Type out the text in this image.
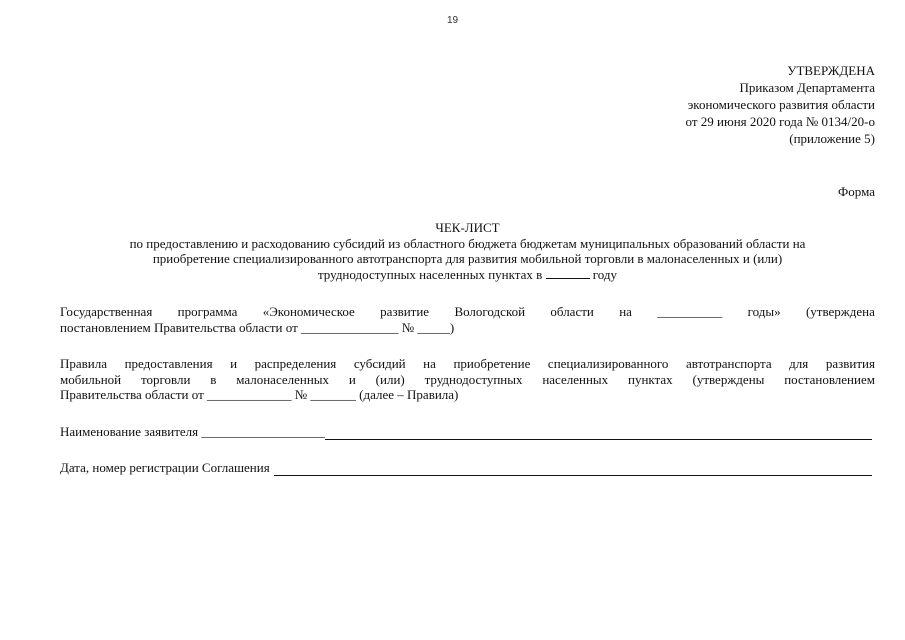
19
УТВЕРЖДЕНА
Приказом Департамента
экономического развития области
от 29 июня 2020 года № 0134/20-о
(приложение 5)
Форма
ЧЕК-ЛИСТ
по предоставлению и расходованию субсидий из областного бюджета бюджетам муниципальных образований области на
приобретение специализированного автотранспорта для развития мобильной торговли в малонаселенных и (или)
труднодоступных населенных пунктах в	году
Государственная программа «Экономическое развитие Вологодской области на __________ годы» (утверждена
постановлением Правительства области от _______________ № _____)
Правила предоставления и распределения субсидий на приобретение специализированного автотранспорта для развития
мобильной торговли в малонаселенных и (или) труднодоступных населенных пунктах (утверждены постановлением
Правительства области от _____________ № _______ (далее – Правила)
Наименование заявителя ___________________
Дата, номер регистрации Соглашения
